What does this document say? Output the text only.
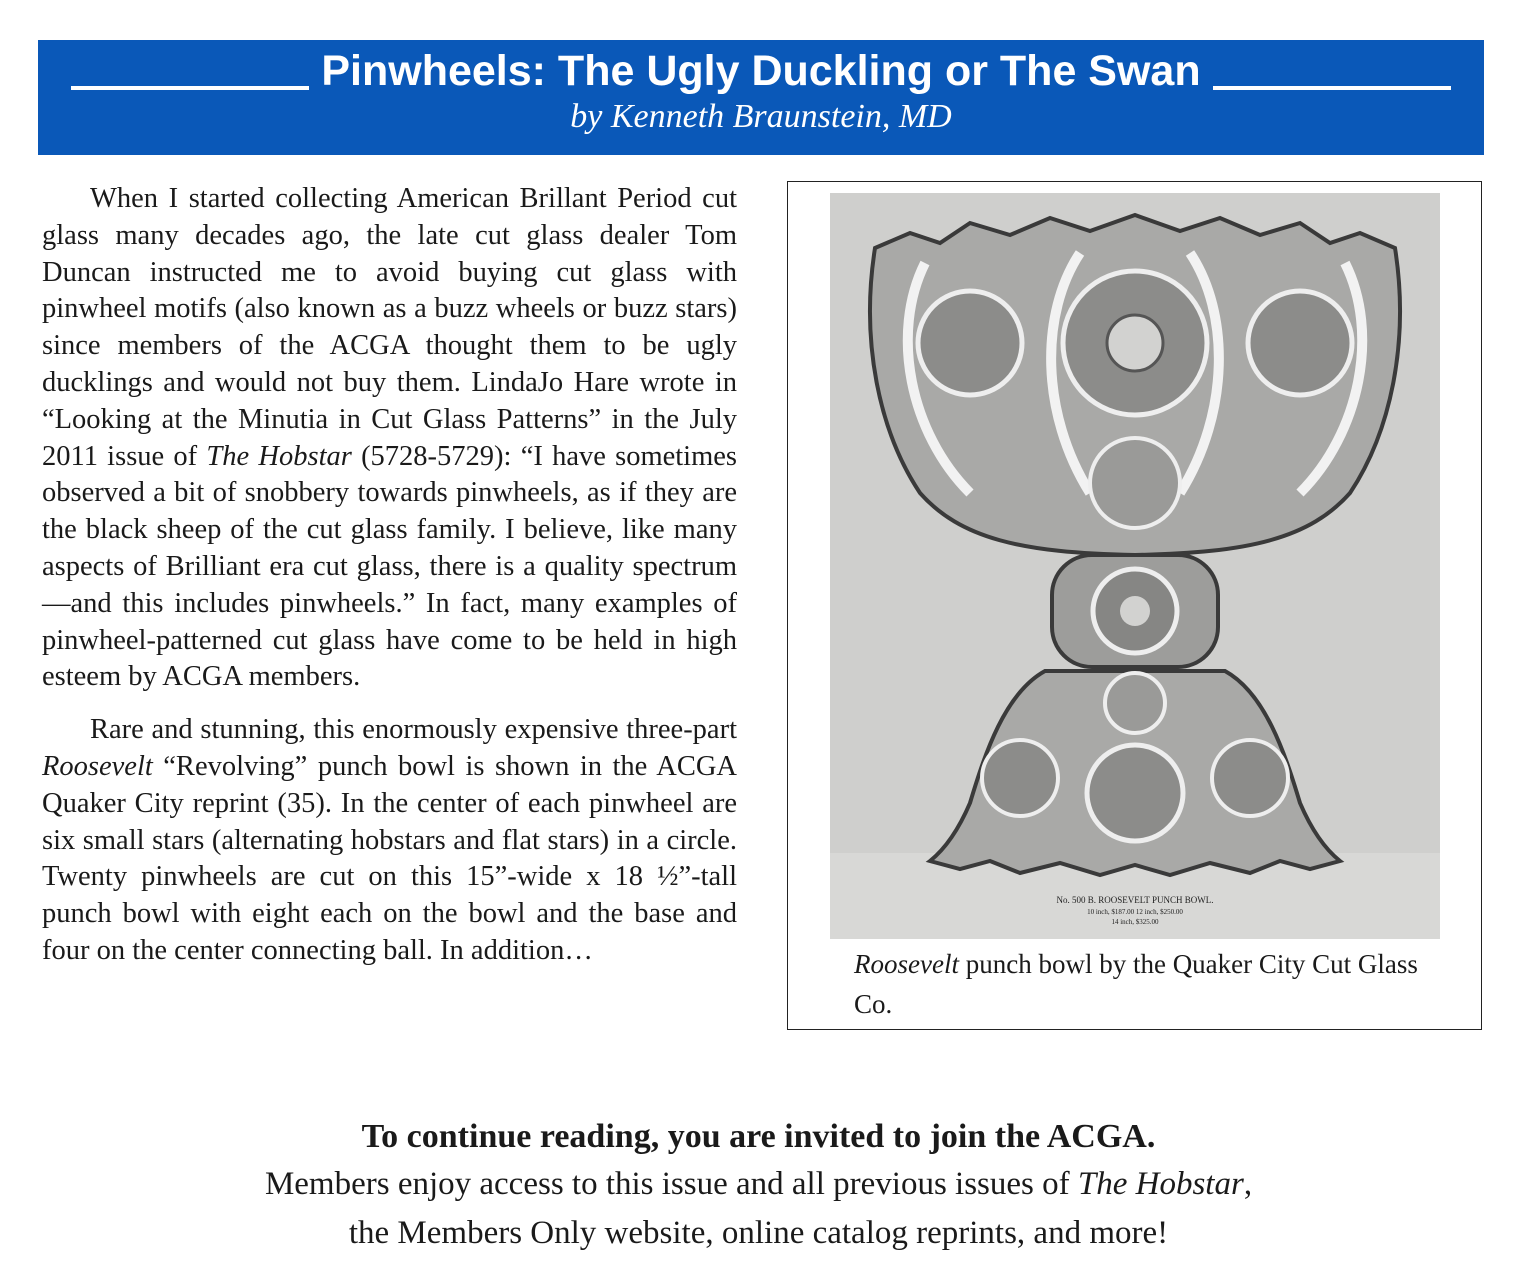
Pinwheels: The Ugly Duckling or The Swan
by Kenneth Braunstein, MD

When I started collecting American Brillant Period cut glass many decades ago, the late cut glass dealer Tom Duncan instructed me to avoid buying cut glass with pinwheel motifs (also known as a buzz wheels or buzz stars) since members of the ACGA thought them to be ugly ducklings and would not buy them. LindaJo Hare wrote in “Looking at the Minutia in Cut Glass Patterns” in the July 2011 issue of The Hobstar (5728-5729): “I have sometimes observed a bit of snobbery towards pinwheels, as if they are the black sheep of the cut glass family. I believe, like many aspects of Brilliant era cut glass, there is a quality spectrum—and this includes pinwheels.” In fact, many examples of pinwheel-patterned cut glass have come to be held in high esteem by ACGA members.

Rare and stunning, this enormously expensive three-part Roosevelt “Revolving” punch bowl is shown in the ACGA Quaker City reprint (35). In the center of each pinwheel are six small stars (alternating hobstars and flat stars) in a circle. Twenty pinwheels are cut on this 15”-wide x 18 ½”-tall punch bowl with eight each on the bowl and the base and four on the center connecting ball. In addition…

No. 500 B. ROOSEVELT PUNCH BOWL.
10 inch, $187.00 12 inch, $250.00
14 inch, $325.00
Roosevelt punch bowl by the Quaker City Cut Glass Co.
To continue reading, you are invited to join the ACGA.
Members enjoy access to this issue and all previous issues of The Hobstar,
the Members Only website, online catalog reprints, and more!
